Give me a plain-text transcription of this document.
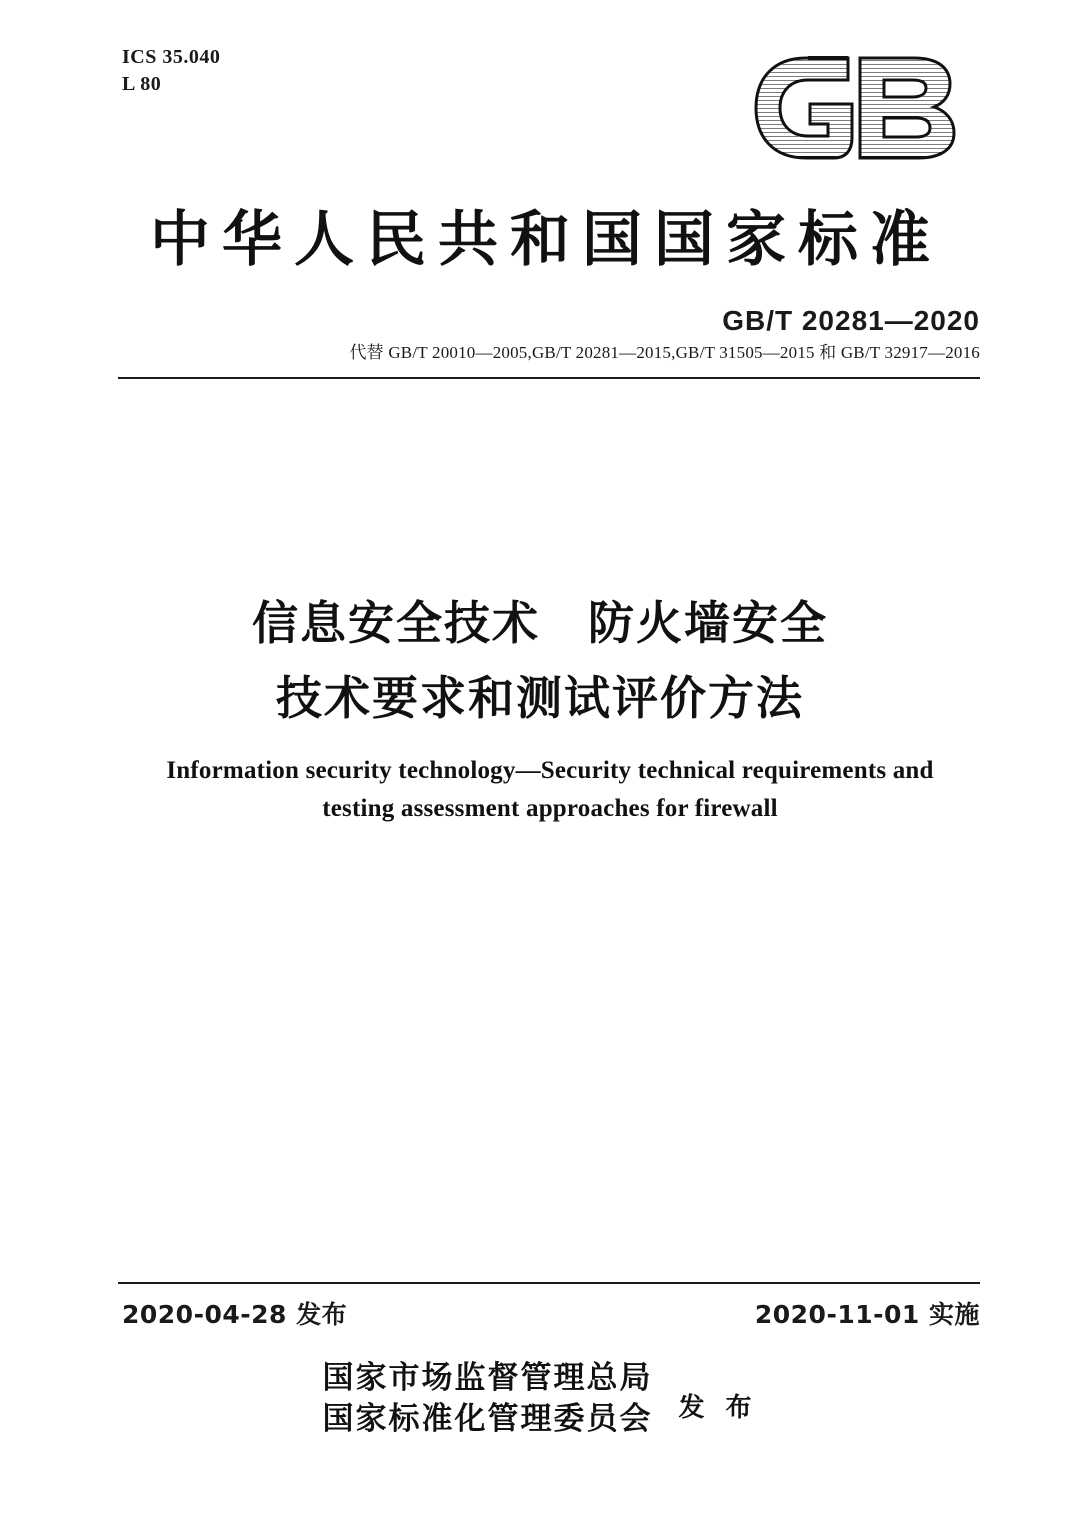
ICS 35.040
L 80
中华人民共和国国家标准
GB/T 20281—2020
代替 GB/T 20010—2005,GB/T 20281—2015,GB/T 31505—2015 和 GB/T 32917—2016
信息安全技术　防火墙安全
技术要求和测试评价方法
Information security technology—Security technical requirements and
testing assessment approaches for firewall
2020-04-28 发布	2020-11-01 实施
国家市场监督管理总局
国家标准化管理委员会 发 布
